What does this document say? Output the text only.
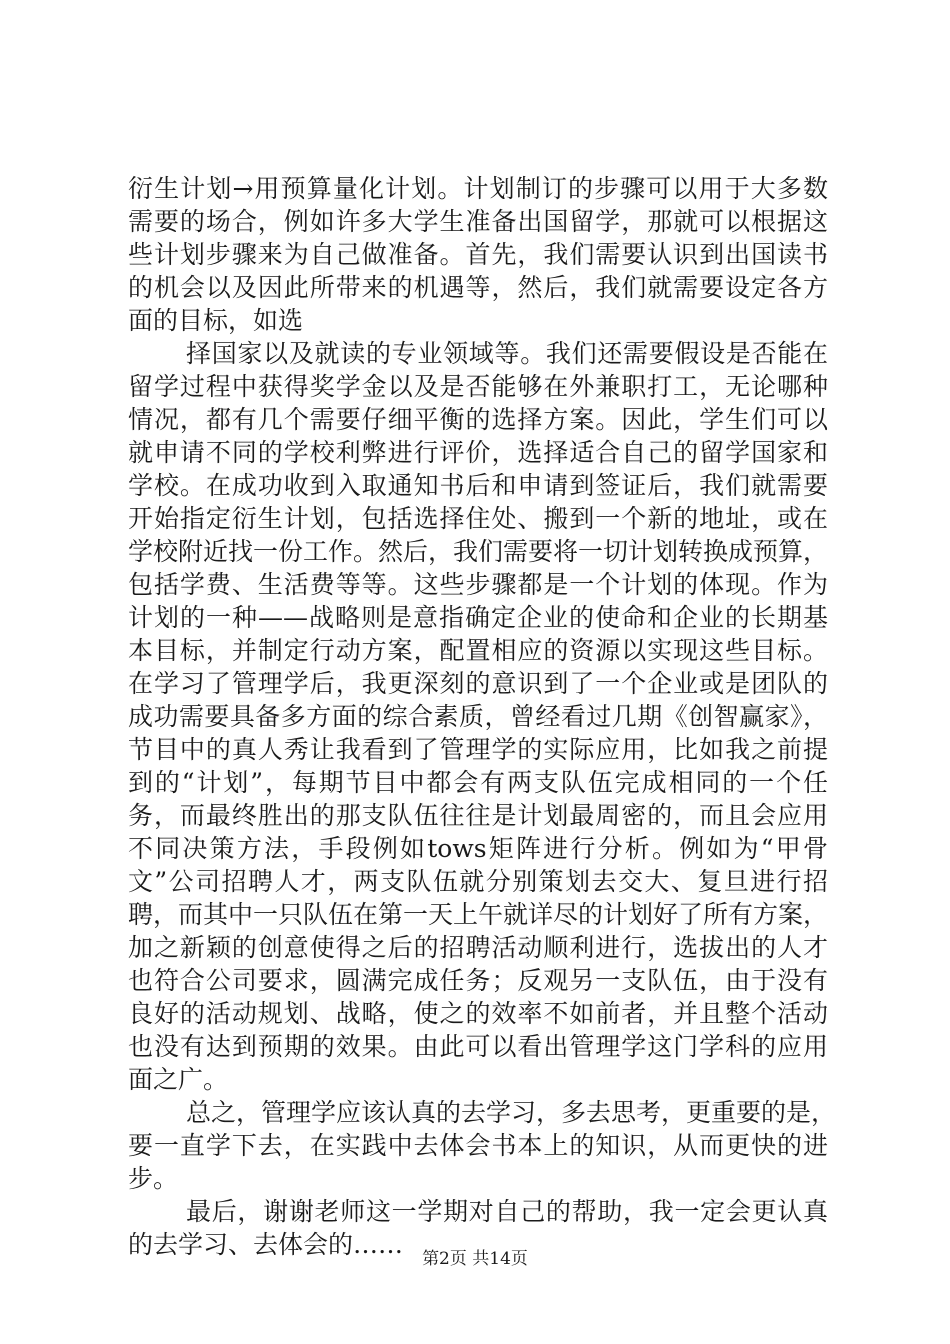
衍生计划→用预算量化计划。计划制订的步骤可以用于大多数
需要的场合，例如许多大学生准备出国留学，那就可以根据这
些计划步骤来为自己做准备。首先，我们需要认识到出国读书
的机会以及因此所带来的机遇等，然后，我们就需要设定各方
面的目标，如选
择国家以及就读的专业领域等。我们还需要假设是否能在
留学过程中获得奖学金以及是否能够在外兼职打工，无论哪种
情况，都有几个需要仔细平衡的选择方案。因此，学生们可以
就申请不同的学校利弊进行评价，选择适合自己的留学国家和
学校。在成功收到入取通知书后和申请到签证后，我们就需要
开始指定衍生计划，包括选择住处、搬到一个新的地址，或在
学校附近找一份工作。然后，我们需要将一切计划转换成预算，
包括学费、生活费等等。这些步骤都是一个计划的体现。作为
计划的一种——战略则是意指确定企业的使命和企业的长期基
本目标，并制定行动方案，配置相应的资源以实现这些目标。
在学习了管理学后，我更深刻的意识到了一个企业或是团队的
成功需要具备多方面的综合素质，曾经看过几期《创智赢家》，
节目中的真人秀让我看到了管理学的实际应用，比如我之前提
到的“计划”，每期节目中都会有两支队伍完成相同的一个任
务，而最终胜出的那支队伍往往是计划最周密的，而且会应用
不同决策方法，手段例如tows矩阵进行分析。例如为“甲骨
文”公司招聘人才，两支队伍就分别策划去交大、复旦进行招
聘，而其中一只队伍在第一天上午就详尽的计划好了所有方案，
加之新颖的创意使得之后的招聘活动顺利进行，选拔出的人才
也符合公司要求，圆满完成任务；反观另一支队伍，由于没有
良好的活动规划、战略，使之的效率不如前者，并且整个活动
也没有达到预期的效果。由此可以看出管理学这门学科的应用
面之广。
总之，管理学应该认真的去学习，多去思考，更重要的是，
要一直学下去，在实践中去体会书本上的知识，从而更快的进
步。
最后，谢谢老师这一学期对自己的帮助，我一定会更认真
的去学习、去体会的……	第2页 共14页
